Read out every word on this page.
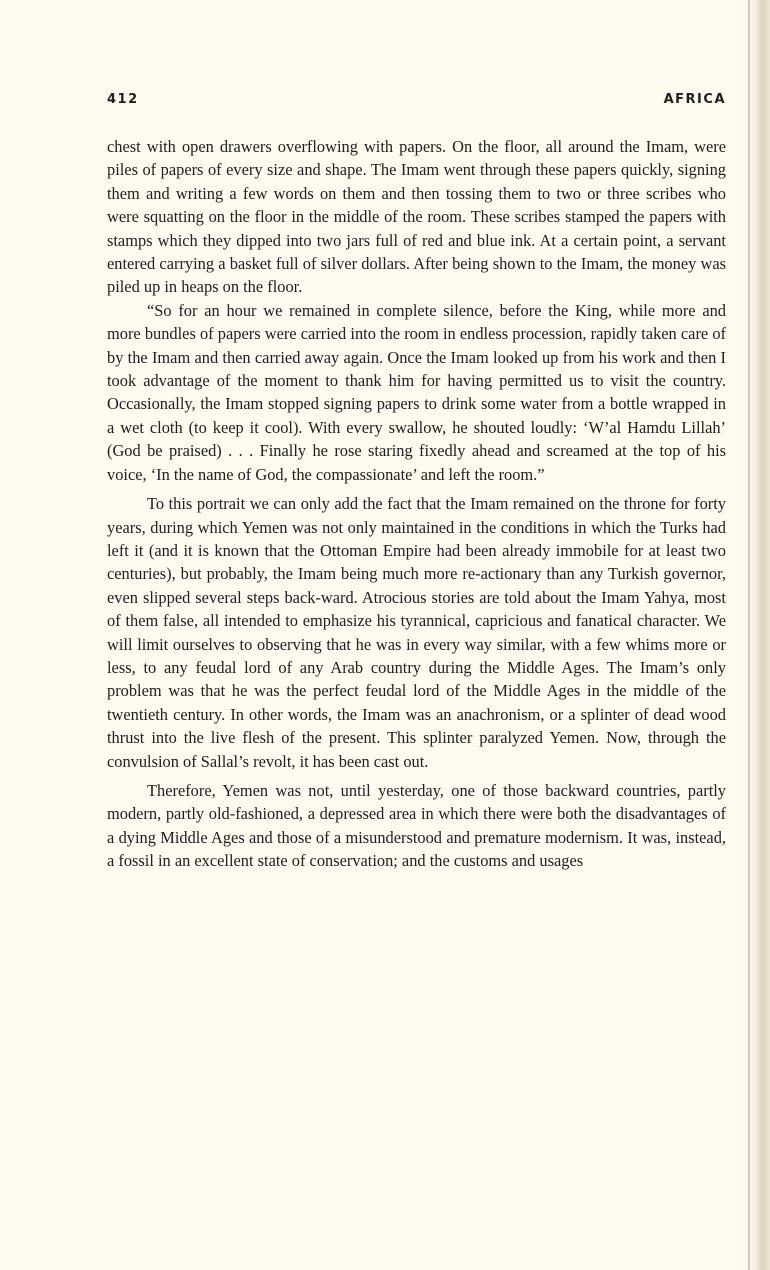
412	AFRICA

chest with open drawers overflowing with papers. On the floor, all around the Imam, were piles of papers of every size and shape. The Imam went through these papers quickly, signing them and writing a few words on them and then tossing them to two or three scribes who were squatting on the floor in the middle of the room. These scribes stamped the papers with stamps which they dipped into two jars full of red and blue ink. At a certain point, a servant entered carrying a basket full of silver dollars. After being shown to the Imam, the money was piled up in heaps on the floor.

“So for an hour we remained in complete silence, before the King, while more and more bundles of papers were carried into the room in endless procession, rapidly taken care of by the Imam and then carried away again. Once the Imam looked up from his work and then I took advantage of the moment to thank him for having permitted us to visit the country. Occasionally, the Imam stopped signing papers to drink some water from a bottle wrapped in a wet cloth (to keep it cool). With every swallow, he shouted loudly: ‘W’al Hamdu Lillah’ (God be praised) . . . Finally he rose staring fixedly ahead and screamed at the top of his voice, ‘In the name of God, the compassionate’ and left the room.”

To this portrait we can only add the fact that the Imam remained on the throne for forty years, during which Yemen was not only maintained in the conditions in which the Turks had left it (and it is known that the Ottoman Empire had been already immobile for at least two centuries), but probably, the Imam being much more re-actionary than any Turkish governor, even slipped several steps back-ward. Atrocious stories are told about the Imam Yahya, most of them false, all intended to emphasize his tyrannical, capricious and fanatical character. We will limit ourselves to observing that he was in every way similar, with a few whims more or less, to any feudal lord of any Arab country during the Middle Ages. The Imam’s only problem was that he was the perfect feudal lord of the Middle Ages in the middle of the twentieth century. In other words, the Imam was an anachronism, or a splinter of dead wood thrust into the live flesh of the present. This splinter paralyzed Yemen. Now, through the convulsion of Sallal’s revolt, it has been cast out.

Therefore, Yemen was not, until yesterday, one of those backward countries, partly modern, partly old-fashioned, a depressed area in which there were both the disadvantages of a dying Middle Ages and those of a misunderstood and premature modernism. It was, instead, a fossil in an excellent state of conservation; and the customs and usages
